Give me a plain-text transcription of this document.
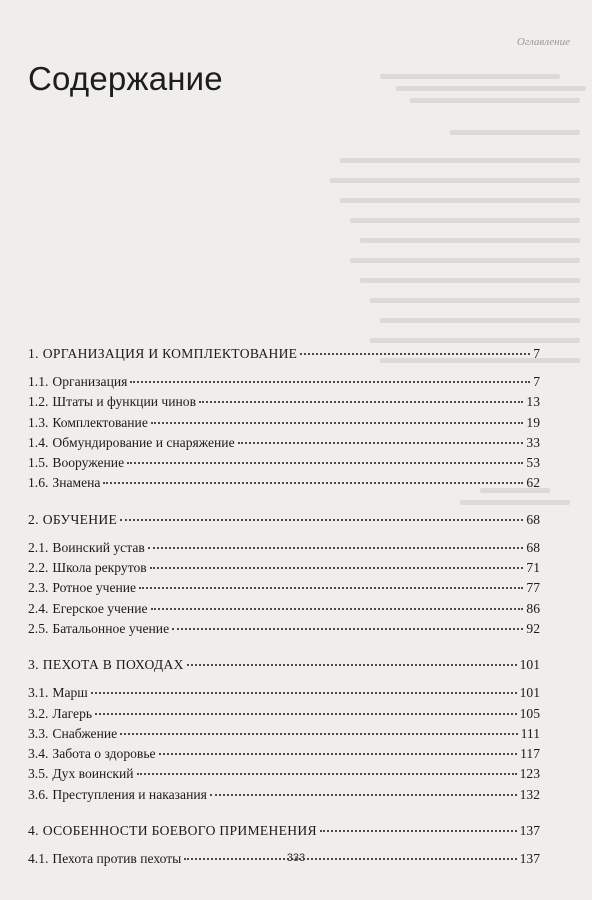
Оглавление
Содержание
1. ОРГАНИЗАЦИЯ И КОМПЛЕКТОВАНИЕ	7
1.1. Организация	7
1.2. Штаты и функции чинов	13
1.3. Комплектование	19
1.4. Обмундирование и снаряжение	33
1.5. Вооружение	53
1.6. Знамена	62
2. ОБУЧЕНИЕ	68
2.1. Воинский устав	68
2.2. Школа рекрутов	71
2.3. Ротное учение	77
2.4. Егерское учение	86
2.5. Батальонное учение	92
3. ПЕХОТА В ПОХОДАХ	101
3.1. Марш	101
3.2. Лагерь	105
3.3. Снабжение	111
3.4. Забота о здоровье	117
3.5. Дух воинский	123
3.6. Преступления и наказания	132
4. ОСОБЕННОСТИ БОЕВОГО ПРИМЕНЕНИЯ	137
4.1. Пехота против пехоты	137
333
